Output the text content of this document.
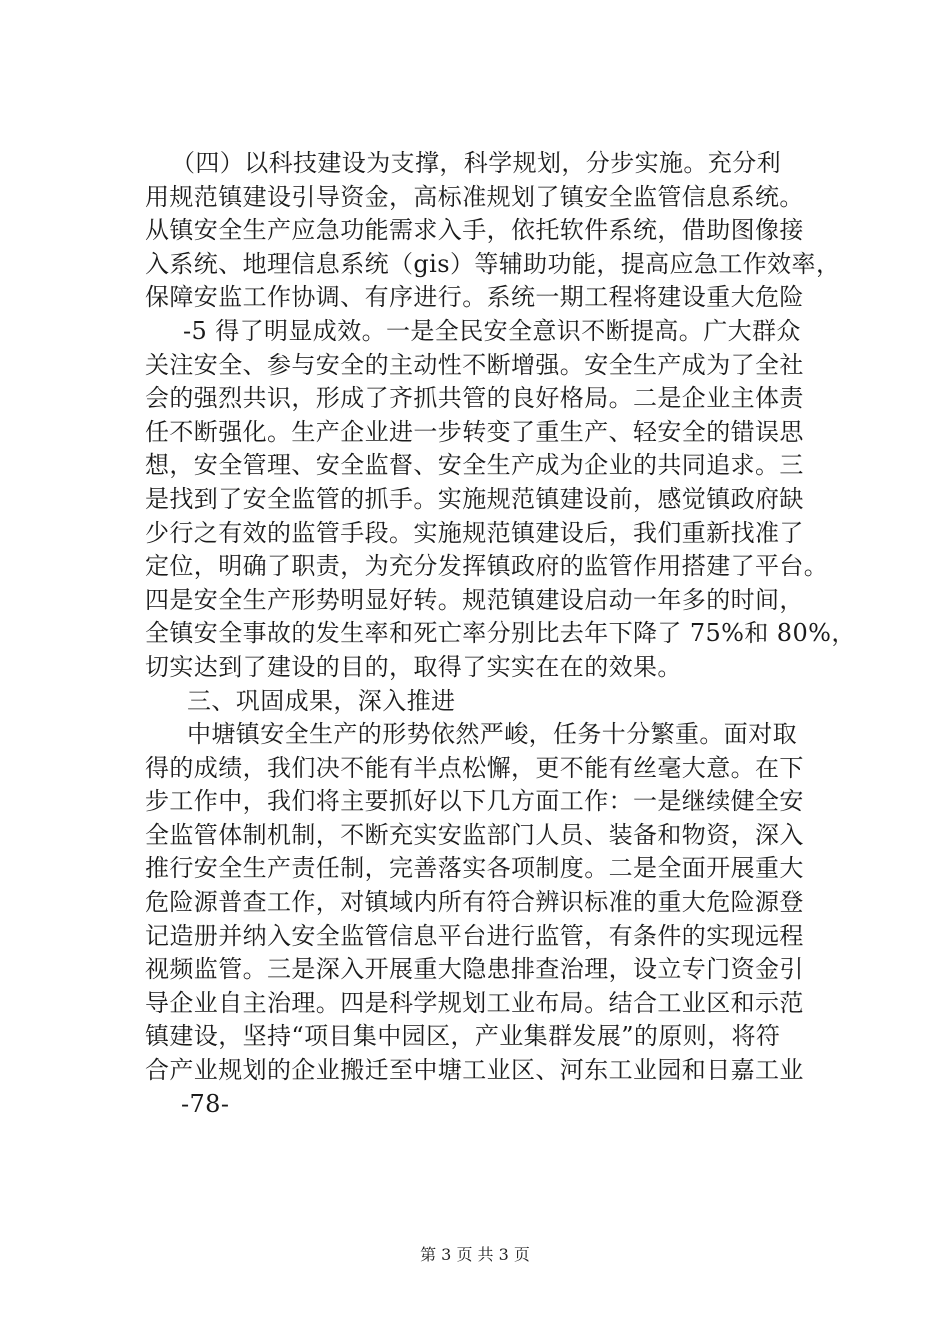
（四）以科技建设为支撑，科学规划，分步实施。充分利
用规范镇建设引导资金，高标准规划了镇安全监管信息系统。
从镇安全生产应急功能需求入手，依托软件系统，借助图像接
入系统、地理信息系统（gis）等辅助功能，提高应急工作效率，
保障安监工作协调、有序进行。系统一期工程将建设重大危险
-5 得了明显成效。一是全民安全意识不断提高。广大群众
关注安全、参与安全的主动性不断增强。安全生产成为了全社
会的强烈共识，形成了齐抓共管的良好格局。二是企业主体责
任不断强化。生产企业进一步转变了重生产、轻安全的错误思
想，安全管理、安全监督、安全生产成为企业的共同追求。三
是找到了安全监管的抓手。实施规范镇建设前，感觉镇政府缺
少行之有效的监管手段。实施规范镇建设后，我们重新找准了
定位，明确了职责，为充分发挥镇政府的监管作用搭建了平台。
四是安全生产形势明显好转。规范镇建设启动一年多的时间，
全镇安全事故的发生率和死亡率分别比去年下降了 75%和 80%，
切实达到了建设的目的，取得了实实在在的效果。
三、巩固成果，深入推进
中塘镇安全生产的形势依然严峻，任务十分繁重。面对取
得的成绩，我们决不能有半点松懈，更不能有丝毫大意。在下
步工作中，我们将主要抓好以下几方面工作：一是继续健全安
全监管体制机制，不断充实安监部门人员、装备和物资，深入
推行安全生产责任制，完善落实各项制度。二是全面开展重大
危险源普查工作，对镇域内所有符合辨识标准的重大危险源登
记造册并纳入安全监管信息平台进行监管，有条件的实现远程
视频监管。三是深入开展重大隐患排查治理，设立专门资金引
导企业自主治理。四是科学规划工业布局。结合工业区和示范
镇建设，坚持“项目集中园区，产业集群发展”的原则，将符
合产业规划的企业搬迁至中塘工业区、河东工业园和日嘉工业
-78-
第 3 页 共 3 页
